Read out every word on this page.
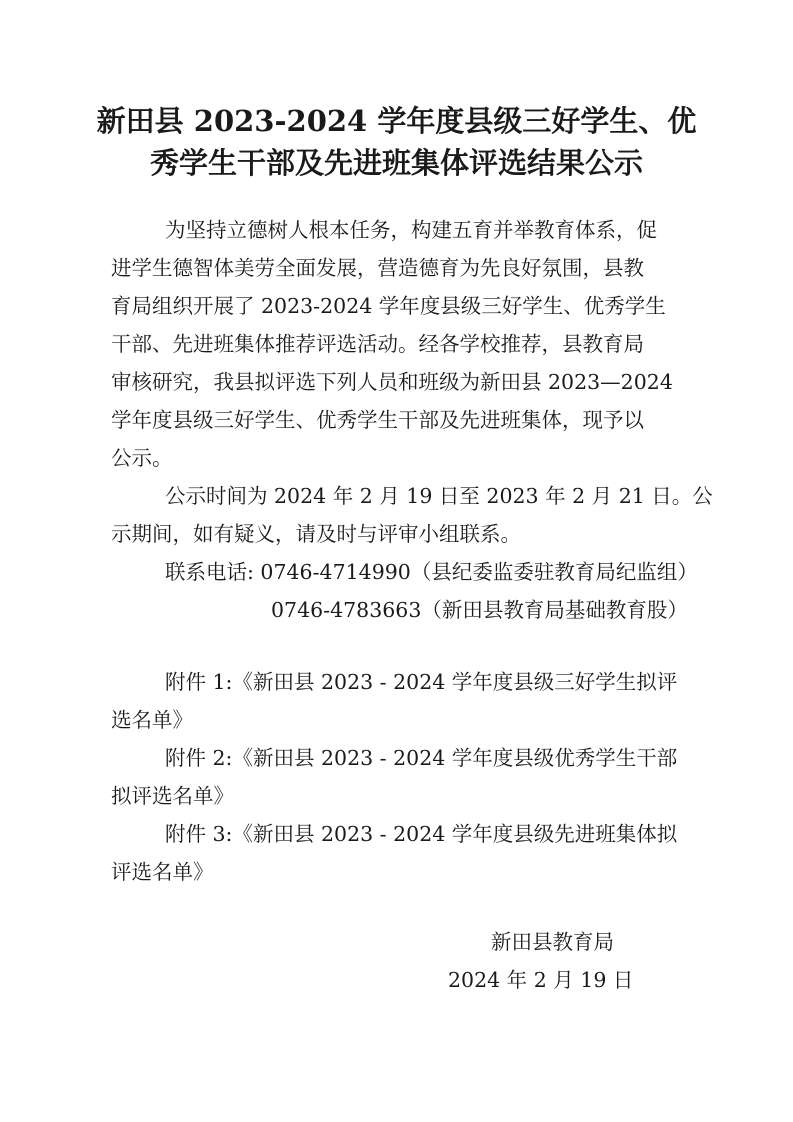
新田县 2023-2024 学年度县级三好学生、优
秀学生干部及先进班集体评选结果公示
为坚持立德树人根本任务，构建五育并举教育体系，促
进学生德智体美劳全面发展，营造德育为先良好氛围，县教
育局组织开展了 2023-2024 学年度县级三好学生、优秀学生
干部、先进班集体推荐评选活动。经各学校推荐，县教育局
审核研究，我县拟评选下列人员和班级为新田县 2023—2024
学年度县级三好学生、优秀学生干部及先进班集体，现予以
公示。
公示时间为 2024 年 2 月 19 日至 2023 年 2 月 21 日。公
示期间，如有疑义，请及时与评审小组联系。
联系电话: 0746-4714990（县纪委监委驻教育局纪监组）
0746-4783663（新田县教育局基础教育股）
附件 1:《新田县 2023 - 2024 学年度县级三好学生拟评
选名单》
附件 2:《新田县 2023 - 2024 学年度县级优秀学生干部
拟评选名单》
附件 3:《新田县 2023 - 2024 学年度县级先进班集体拟
评选名单》
新田县教育局
2024 年 2 月 19 日
